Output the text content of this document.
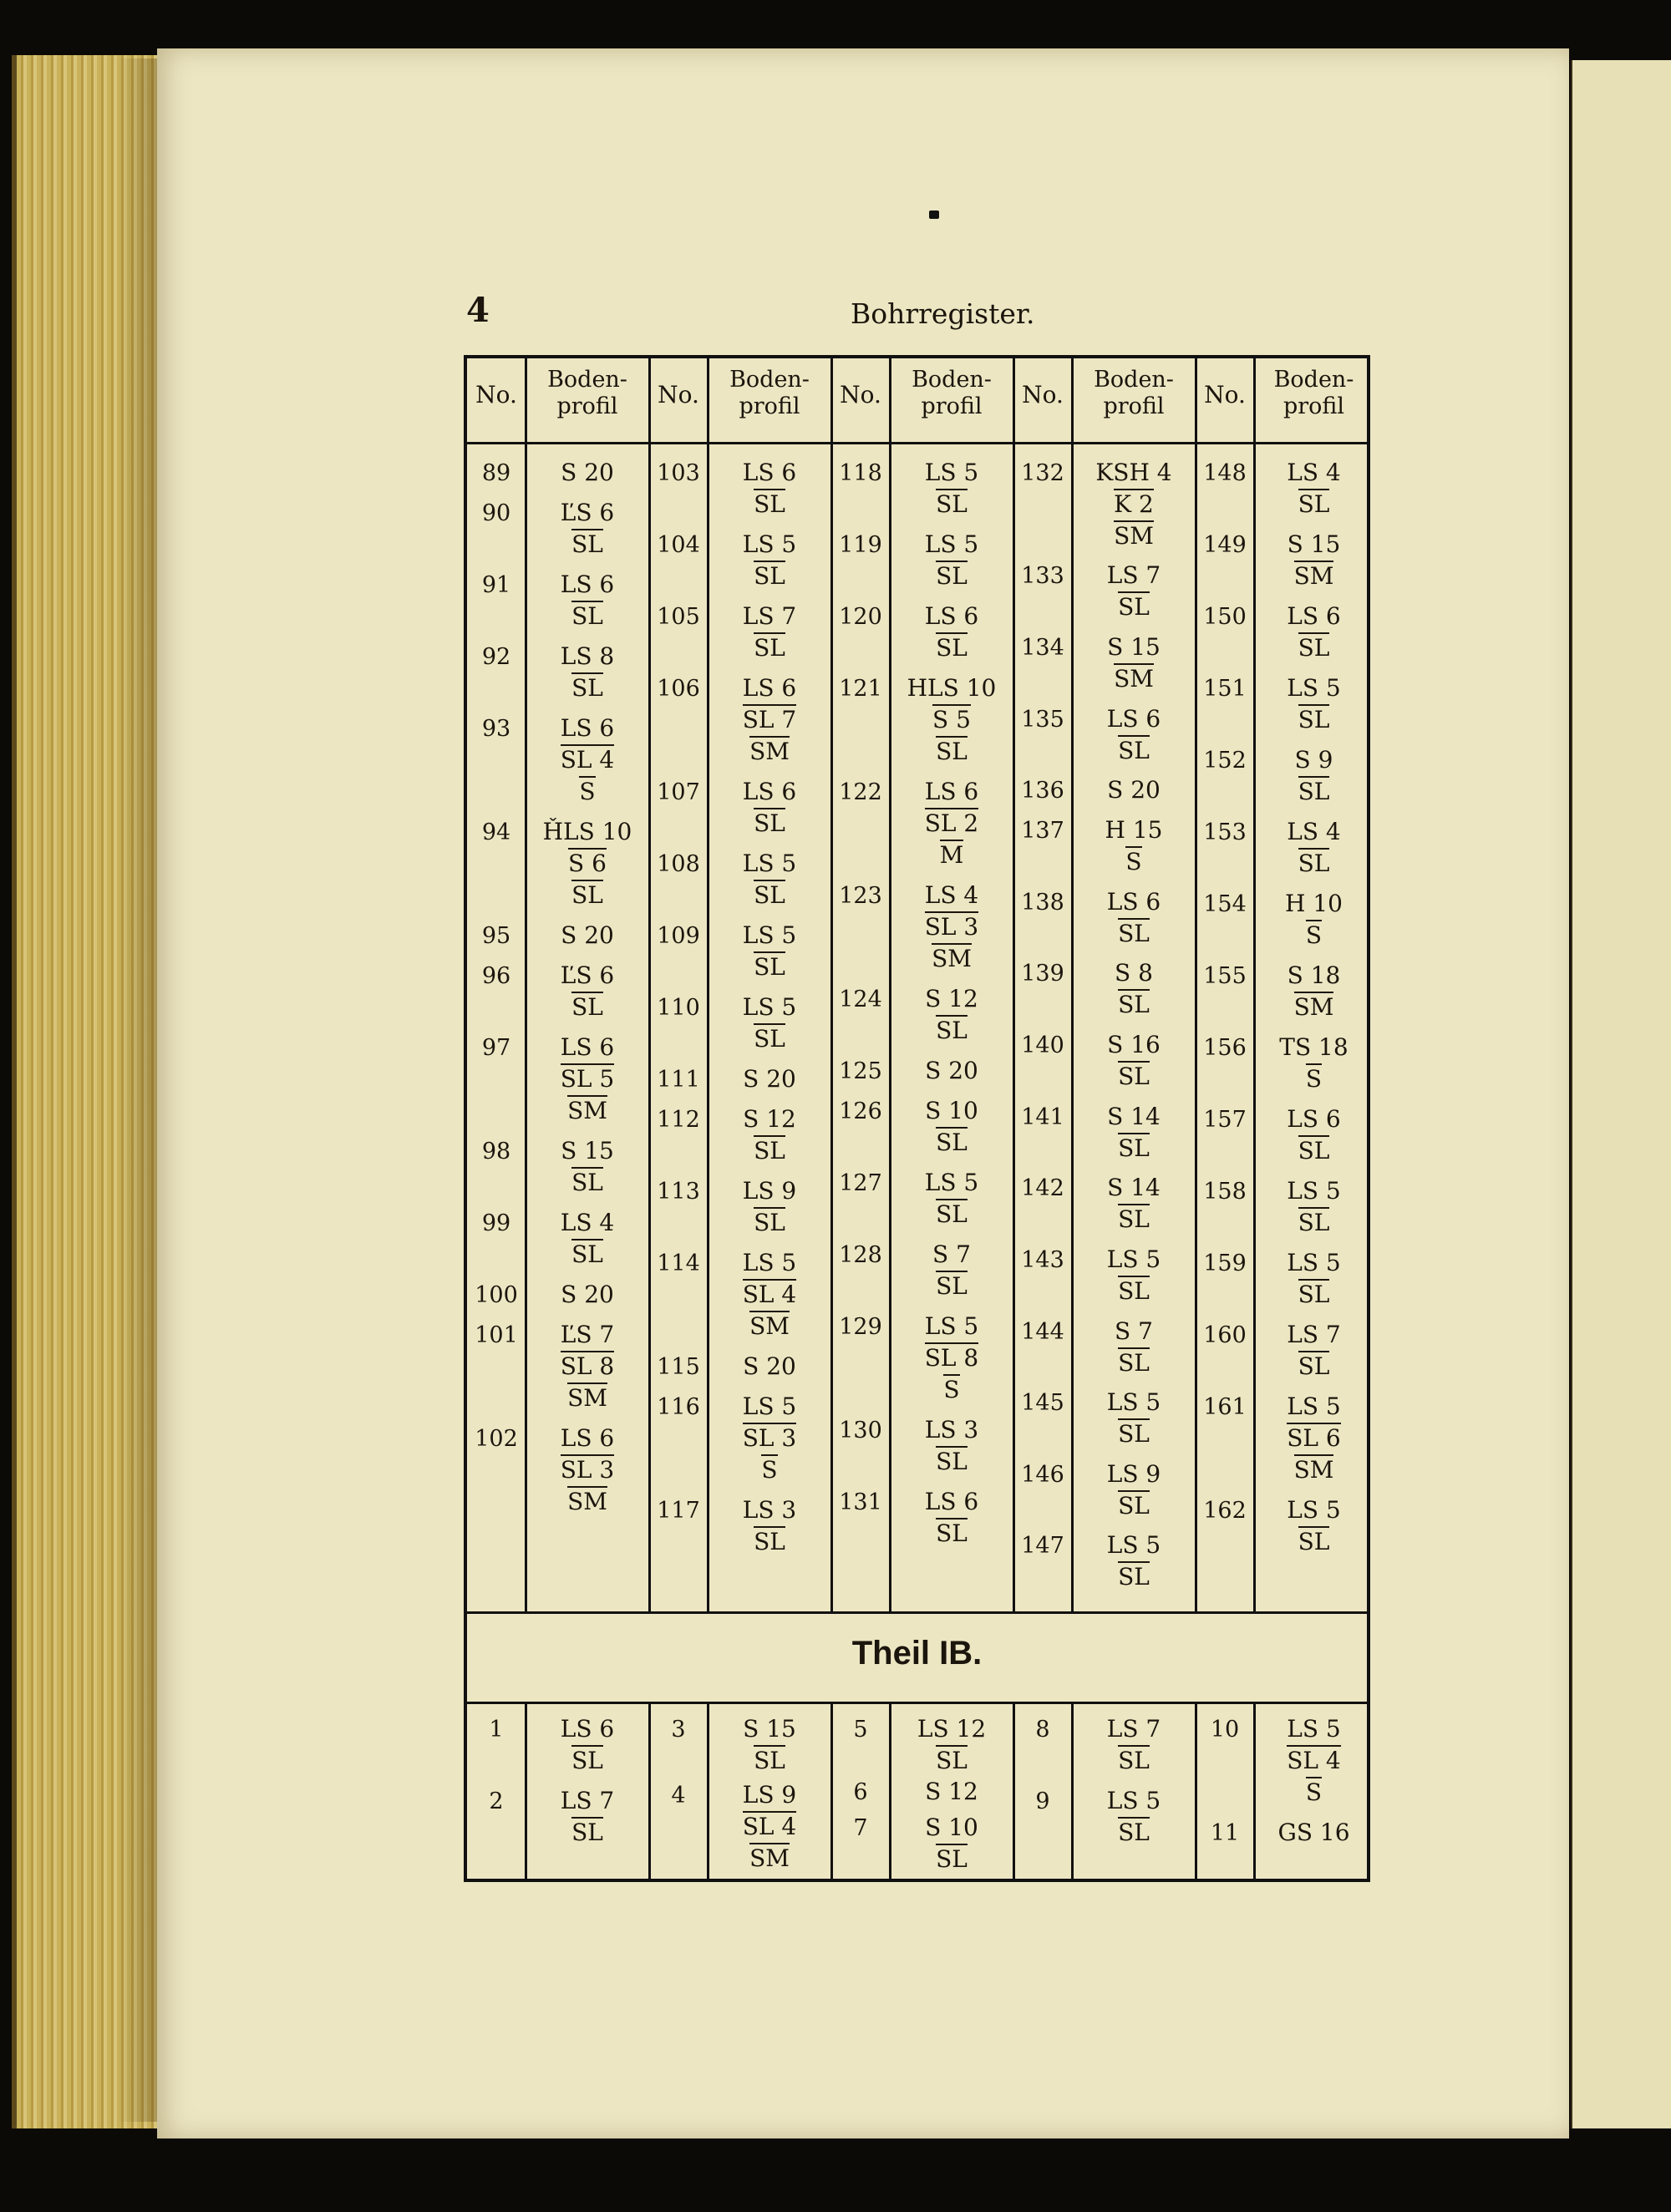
4	Bohrregister.
Theil IB.
No.
Boden-
profil	No.
Boden-
profil	No.
Boden-
profil	No.
Boden-
profil	No.
Boden-
profil
89	S 20
90	ĽS 6
SL
91	LS 6
SL
92	LS 8
SL
93	LS 6
SL 4
S
94	ȞLS 10
S 6
SL
95	S 20
96	ĽS 6
SL
97	LS 6
SL 5
SM
98	S 15
SL
99	LS 4
SL
100	S 20
101	ĽS 7
SL 8
SM
102	LS 6
SL 3
SM
103	LS 6
SL
104	LS 5
SL
105	LS 7
SL
106	LS 6
SL 7
SM
107	LS 6
SL
108	LS 5
SL
109	LS 5
SL
110	LS 5
SL
111	S 20
112	S 12
SL
113	LS 9
SL
114	LS 5
SL 4
SM
115	S 20
116	LS 5
SL 3
S
117	LS 3
SL
118	LS 5
SL
119	LS 5
SL
120	LS 6
SL
121	HLS 10
S 5
SL
122	LS 6
SL 2
M
123	LS 4
SL 3
SM
124	S 12
SL
125	S 20
126	S 10
SL
127	LS 5
SL
128	S 7
SL
129	LS 5
SL 8
S
130	LS 3
SL
131	LS 6
SL
132	KSH 4
K 2
SM
133	LS 7
SL
134	S 15
SM
135	LS 6
SL
136	S 20
137	H 15
S
138	LS 6
SL
139	S 8
SL
140	S 16
SL
141	S 14
SL
142	S 14
SL
143	LS 5
SL
144	S 7
SL
145	LS 5
SL
146	LS 9
SL
147	LS 5
SL
148	LS 4
SL
149	S 15
SM
150	LS 6
SL
151	LS 5
SL
152	S 9
SL
153	LS 4
SL
154	H 10
S
155	S 18
SM
156	TS 18
S
157	LS 6
SL
158	LS 5
SL
159	LS 5
SL
160	LS 7
SL
161	LS 5
SL 6
SM
162	LS 5
SL
1	LS 6
SL
2	LS 7
SL
3	S 15
SL
4	LS 9
SL 4
SM
5	LS 12
SL
6	S 12
7	S 10
SL
8	LS 7
SL
9	LS 5
SL
10	LS 5
SL 4
S
11	GS 16
